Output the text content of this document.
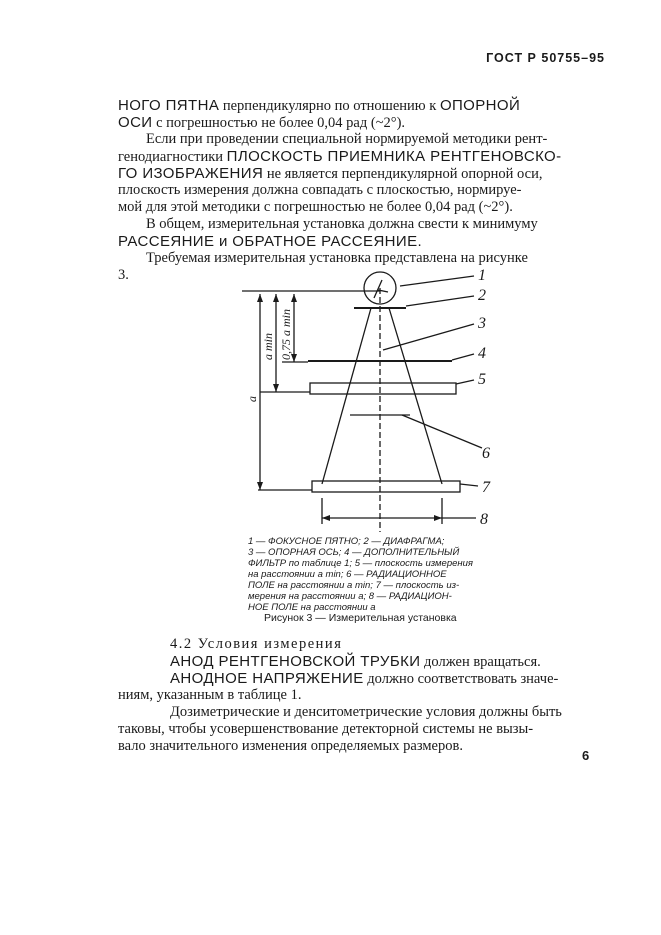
ГОСТ Р 50755–95

НОГО ПЯТНА перпендикулярно по отношению к ОПОРНОЙ

ОСИ с погрешностью не более 0,04 рад (~2°).

Если при проведении специальной нормируемой методики рент-

генодиагностики ПЛОСКОСТЬ ПРИЕМНИКА РЕНТГЕНОВСКО-

ГО ИЗОБРАЖЕНИЯ не является перпендикулярной опорной оси,

плоскость измерения должна совпадать с плоскостью, нормируе-

мой для этой методики с погрешностью не более 0,04 рад (~2°).

В общем, измерительная установка должна свести к минимуму

РАССЕЯНИЕ и ОБРАТНОЕ РАССЕЯНИЕ.

Требуемая измерительная установка представлена на рисунке

3.	1
2
3
4
5
6
7
8
a
a min 0,75 a min
1 — ФОКУСНОЕ ПЯТНО; 2 — ДИАФРАГМА;
3 — ОПОРНАЯ ОСЬ; 4 — ДОПОЛНИТЕЛЬНЫЙ
ФИЛЬТР по таблице 1; 5 — плоскость измерения
на расстоянии a min; 6 — РАДИАЦИОННОЕ
ПОЛЕ на расстоянии a min; 7 — плоскость из-
мерения на расстоянии a; 8 — РАДИАЦИОН-
НОЕ ПОЛЕ на расстоянии a
Рисунок 3 — Измерительная установка

4.2 Условия измерения

АНОД РЕНТГЕНОВСКОЙ ТРУБКИ должен вращаться.

АНОДНОЕ НАПРЯЖЕНИЕ должно соответствовать значе-

ниям, указанным в таблице 1.

Дозиметрические и денситометрические условия должны быть

таковы, чтобы усовершенствование детекторной системы не вызы-

вало значительного изменения определяемых размеров.

6
